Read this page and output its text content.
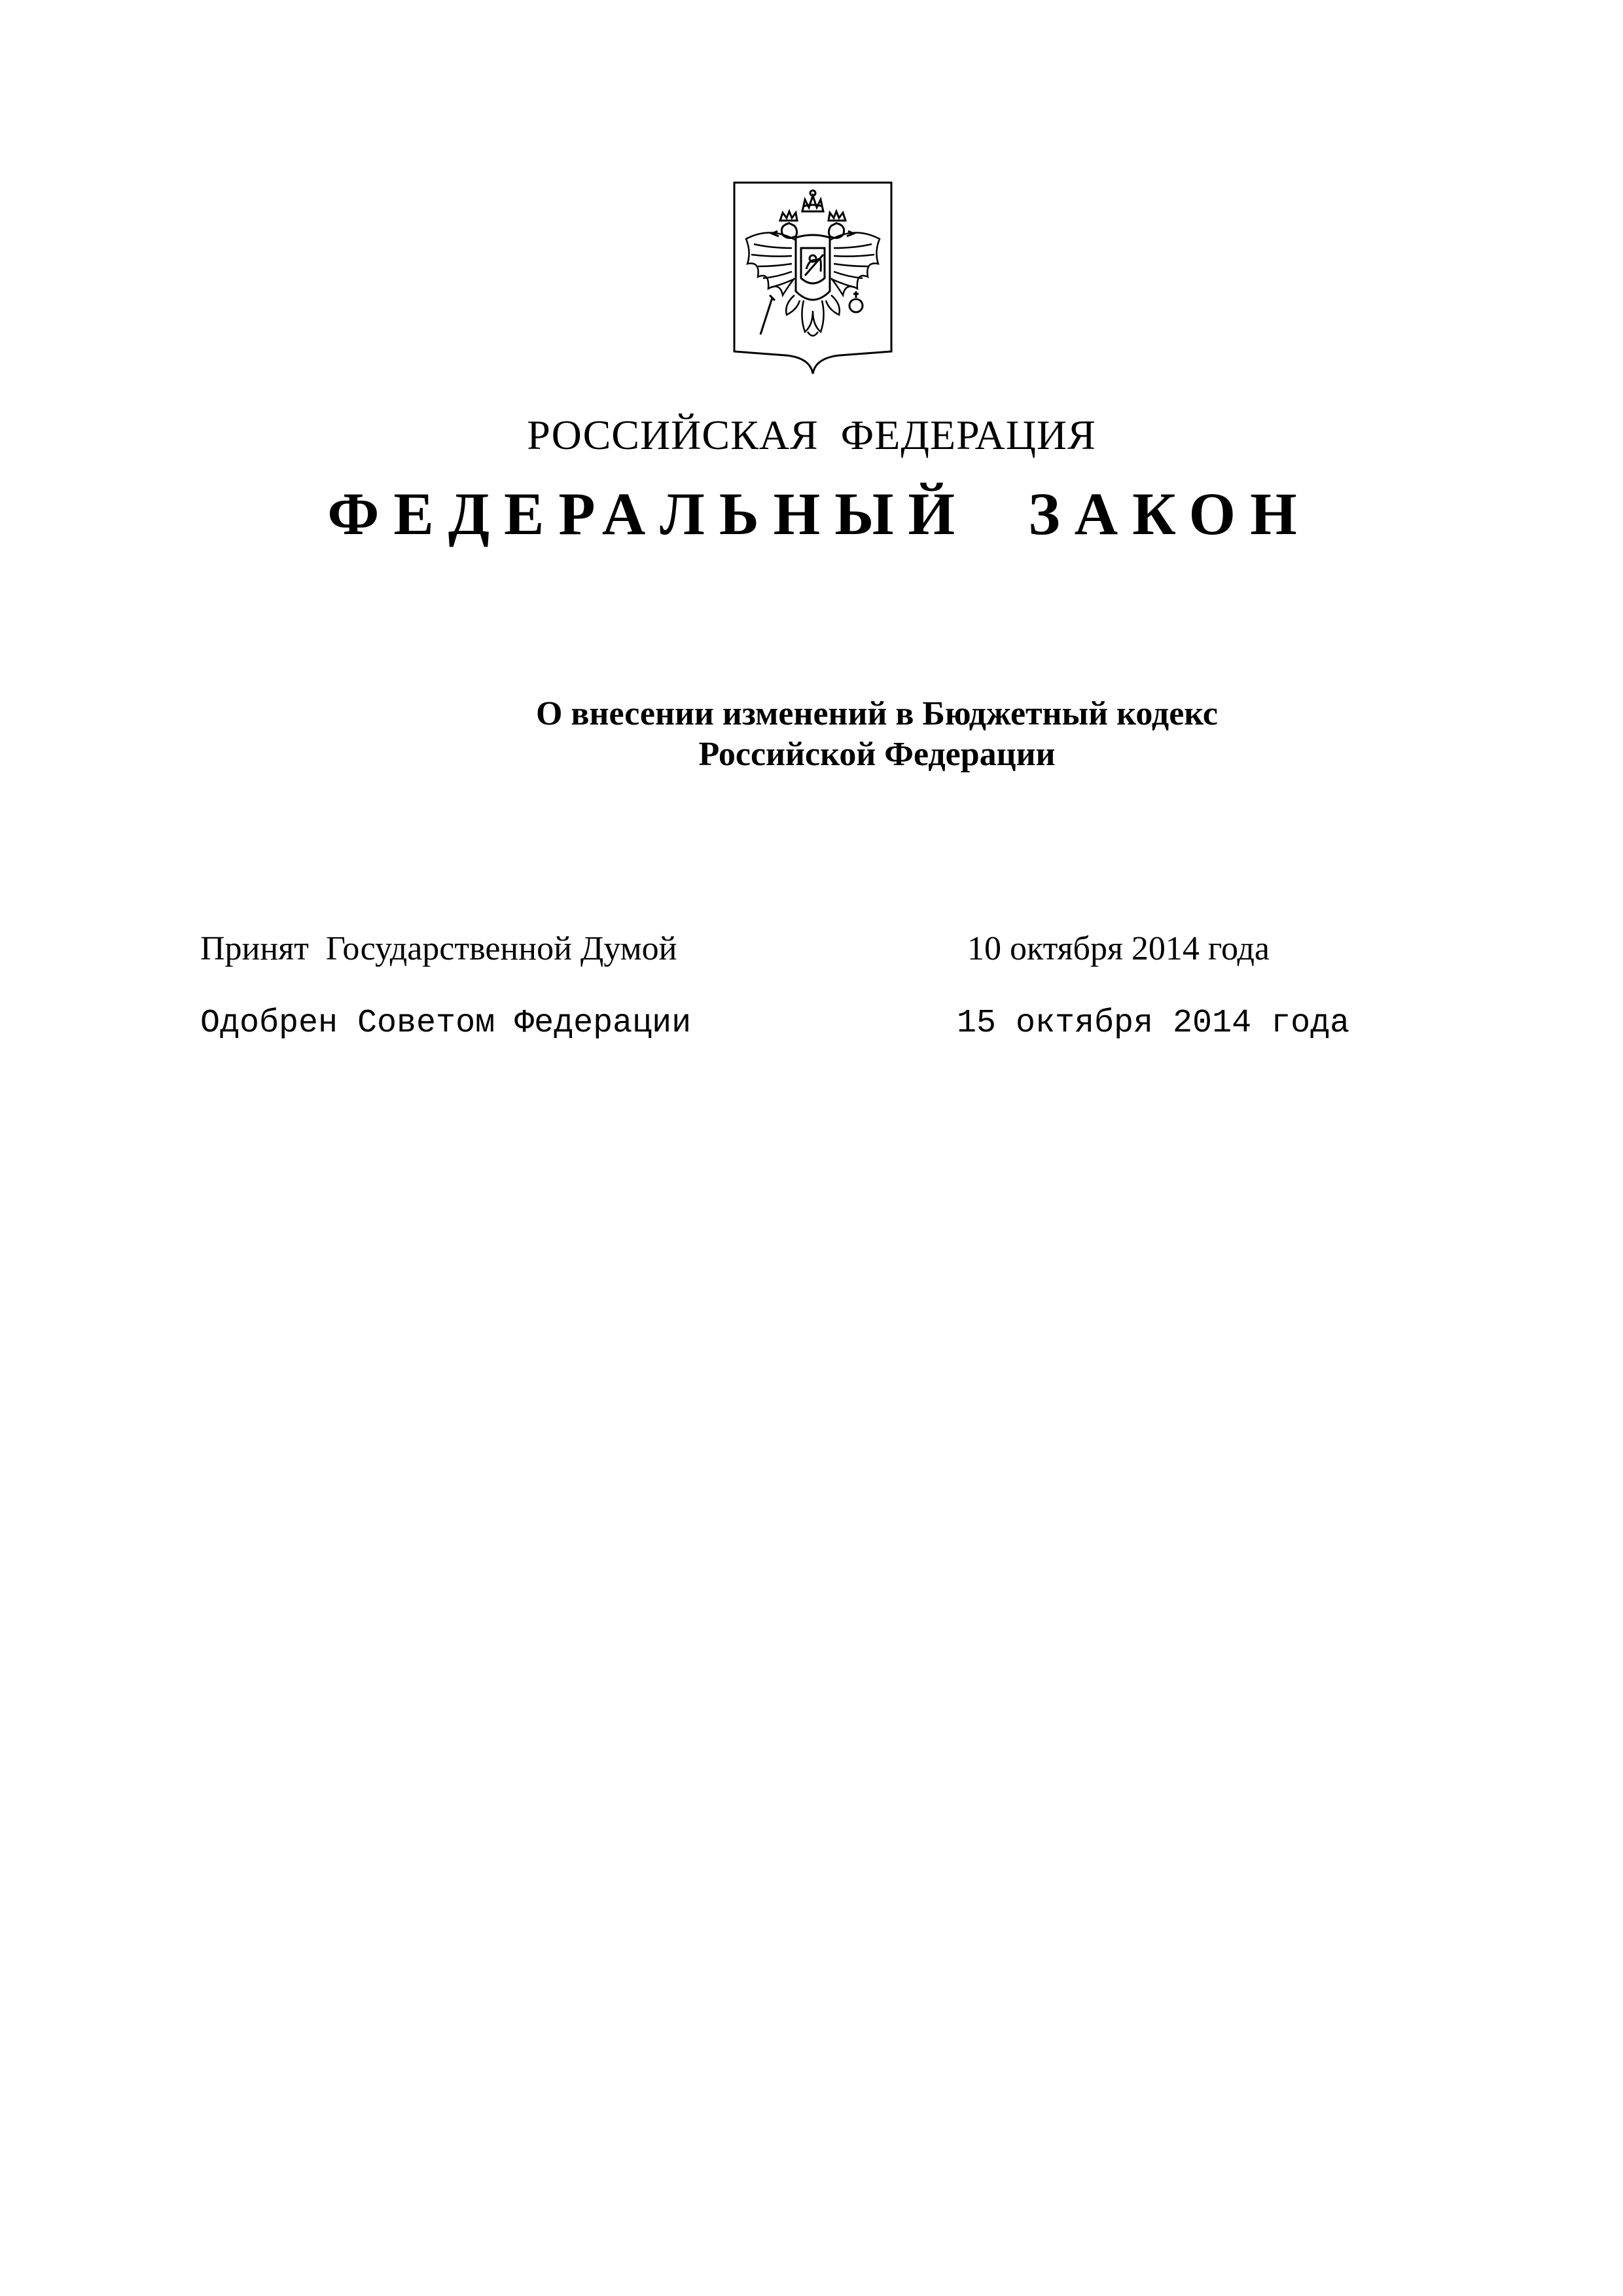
РОССИЙСКАЯ  ФЕДЕРАЦИЯ
ФЕДЕРАЛЬНЫЙ  ЗАКОН
О внесении изменений в Бюджетный кодекс
Российской Федерации
Принят  Государственной Думой	10 октября 2014 года
Одобрен Советом Федерации	15 октября 2014 года
